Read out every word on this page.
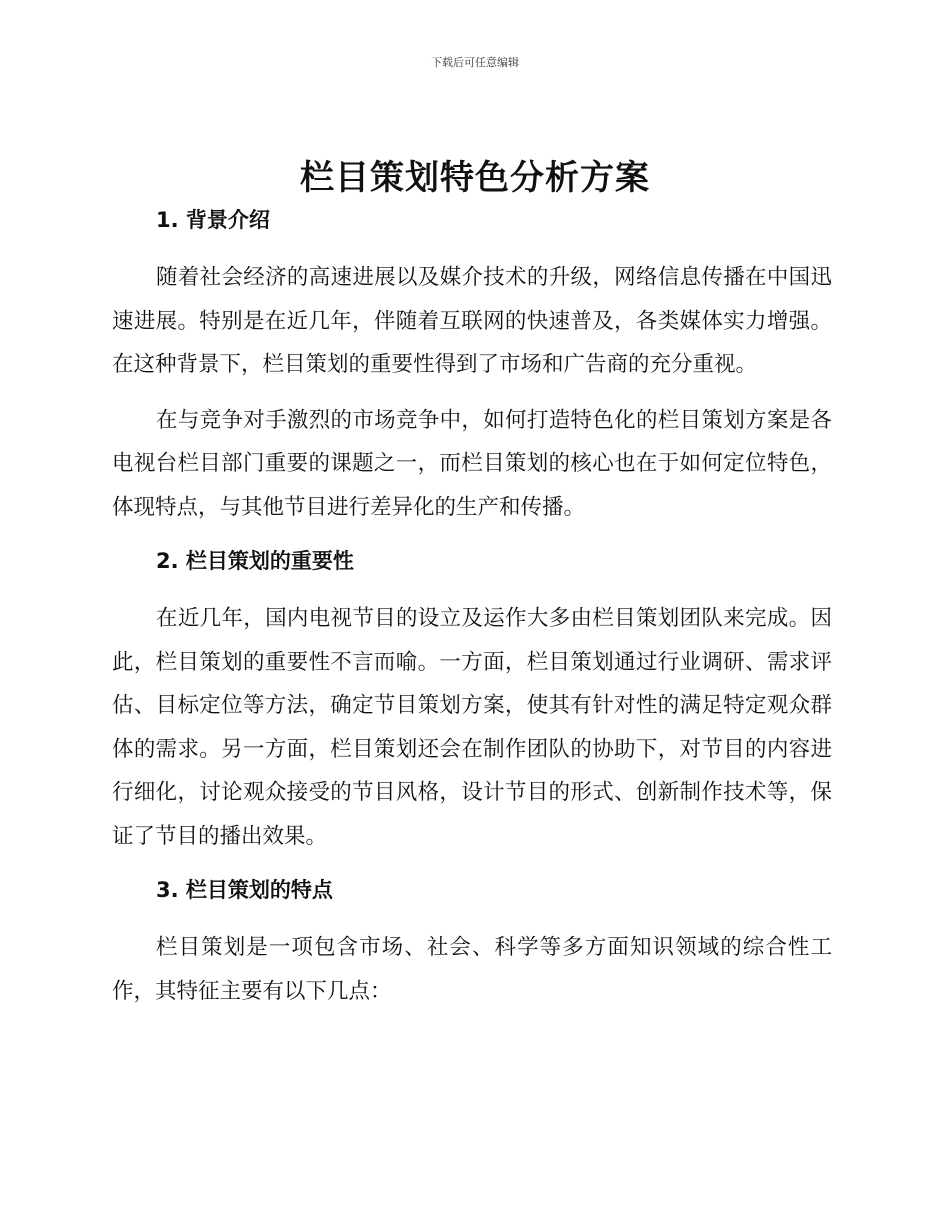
下载后可任意编辑
栏目策划特色分析方案
1. 背景介绍

随着社会经济的高速进展以及媒介技术的升级，网络信息传播在中国迅速进展。特别是在近几年，伴随着互联网的快速普及，各类媒体实力增强。在这种背景下，栏目策划的重要性得到了市场和广告商的充分重视。

在与竞争对手激烈的市场竞争中，如何打造特色化的栏目策划方案是各电视台栏目部门重要的课题之一，而栏目策划的核心也在于如何定位特色，体现特点，与其他节目进行差异化的生产和传播。

2. 栏目策划的重要性

在近几年，国内电视节目的设立及运作大多由栏目策划团队来完成。因此，栏目策划的重要性不言而喻。一方面，栏目策划通过行业调研、需求评估、目标定位等方法，确定节目策划方案，使其有针对性的满足特定观众群体的需求。另一方面，栏目策划还会在制作团队的协助下，对节目的内容进行细化，讨论观众接受的节目风格，设计节目的形式、创新制作技术等，保证了节目的播出效果。

3. 栏目策划的特点

栏目策划是一项包含市场、社会、科学等多方面知识领域的综合性工作，其特征主要有以下几点：
